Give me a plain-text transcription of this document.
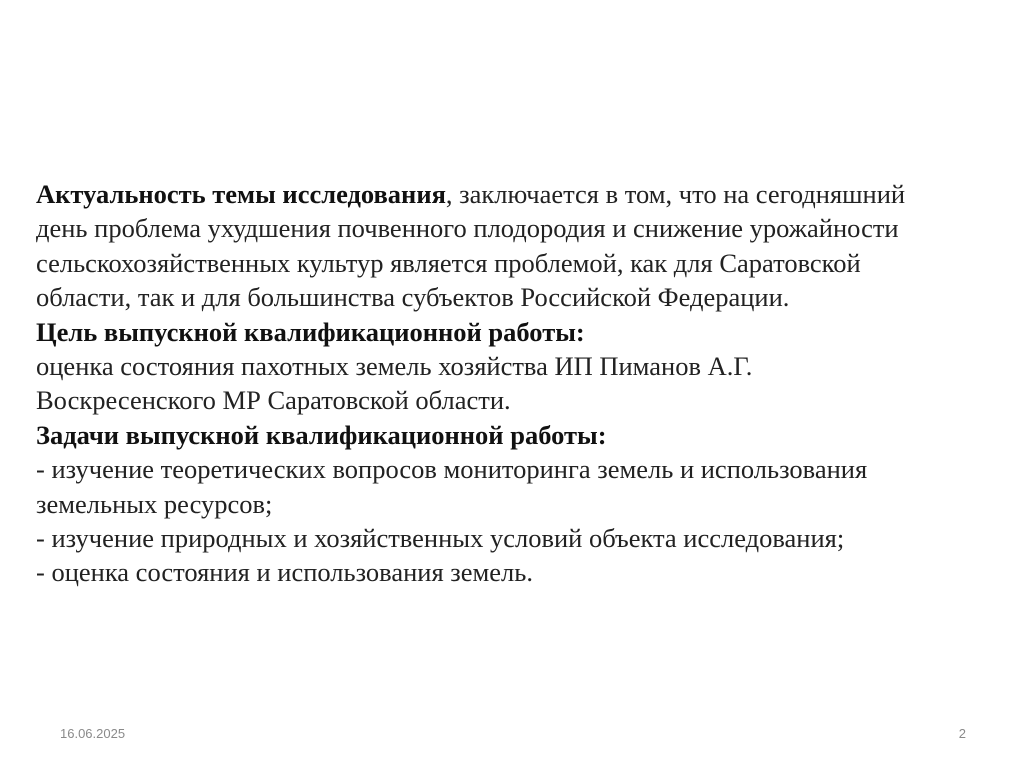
Актуальность темы исследования, заключается в том, что на сегодняшний
день проблема ухудшения почвенного плодородия и снижение урожайности
сельскохозяйственных культур является проблемой, как для Саратовской
области, так и для большинства субъектов Российской Федерации.
Цель выпускной квалификационной работы:
оценка состояния пахотных земель хозяйства ИП Пиманов А.Г.
Воскресенского МР Саратовской области.
Задачи выпускной квалификационной работы:
- изучение теоретических вопросов мониторинга земель и использования
земельных ресурсов;
- изучение природных и хозяйственных условий объекта исследования;
- оценка состояния и использования земель.
16.06.2025	2
